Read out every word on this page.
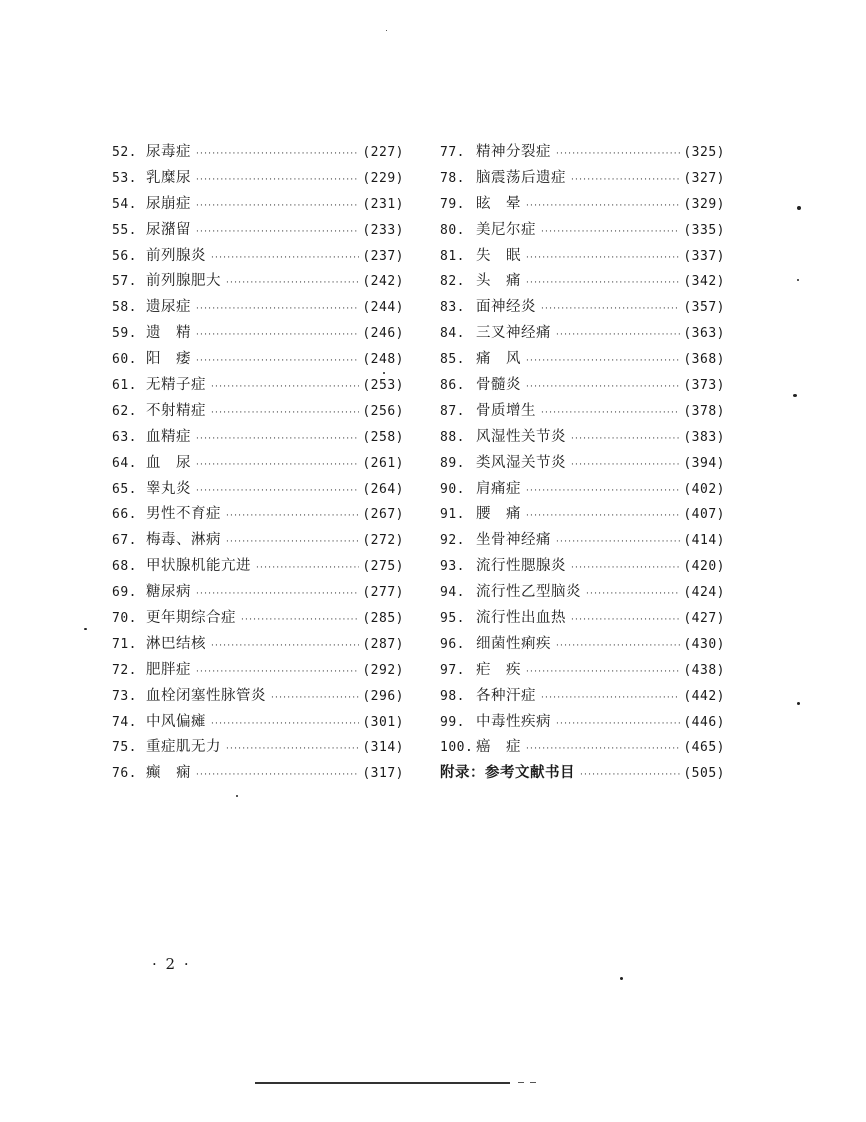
52. 尿毒症 ·····	(227)
53. 乳糜尿 ·····	(229)
54. 尿崩症 ·····	(231)
55. 尿潴留 ·····	(233)
56. 前列腺炎 ·····	(237)
57. 前列腺肥大 ·····	(242)
58. 遗尿症 ·····	(244)
59. 遗　精 ·····	(246)
60. 阳　痿 ·····	(248)
61. 无精子症 ·····	(253)
62. 不射精症 ·····	(256)
63. 血精症 ·····	(258)
64. 血　尿 ·····	(261)
65. 睾丸炎 ·····	(264)
66. 男性不育症 ·····	(267)
67. 梅毒、淋病 ·····	(272)
68. 甲状腺机能亢进 ·····	(275)
69. 糖尿病 ·····	(277)
70. 更年期综合症 ·····	(285)
71. 淋巴结核 ·····	(287)
72. 肥胖症 ·····	(292)
73. 血栓闭塞性脉管炎 ·····	(296)
74. 中风偏瘫 ·····	(301)
75. 重症肌无力 ·····	(314)
76. 癫　痫 ·····	(317)
77. 精神分裂症 ·····	(325)
78. 脑震荡后遗症 ·····	(327)
79. 眩　晕 ·····	(329)
80. 美尼尔症 ·····	(335)
81. 失　眠 ·····	(337)
82. 头　痛 ·····	(342)
83. 面神经炎 ·····	(357)
84. 三叉神经痛 ·····	(363)
85. 痛　风 ·····	(368)
86. 骨髓炎 ·····	(373)
87. 骨质增生 ·····	(378)
88. 风湿性关节炎 ·····	(383)
89. 类风湿关节炎 ·····	(394)
90. 肩痛症 ·····	(402)
91. 腰　痛 ·····	(407)
92. 坐骨神经痛 ·····	(414)
93. 流行性腮腺炎 ·····	(420)
94. 流行性乙型脑炎 ·····	(424)
95. 流行性出血热 ·····	(427)
96. 细菌性痢疾 ·····	(430)
97. 疟　疾 ·····	(438)
98. 各种汗症 ·····	(442)
99. 中毒性疾病 ·····	(446)
100. 癌　症 ·····	(465)
附录：参考文献书目 ·····	(505)
· 2 ·
